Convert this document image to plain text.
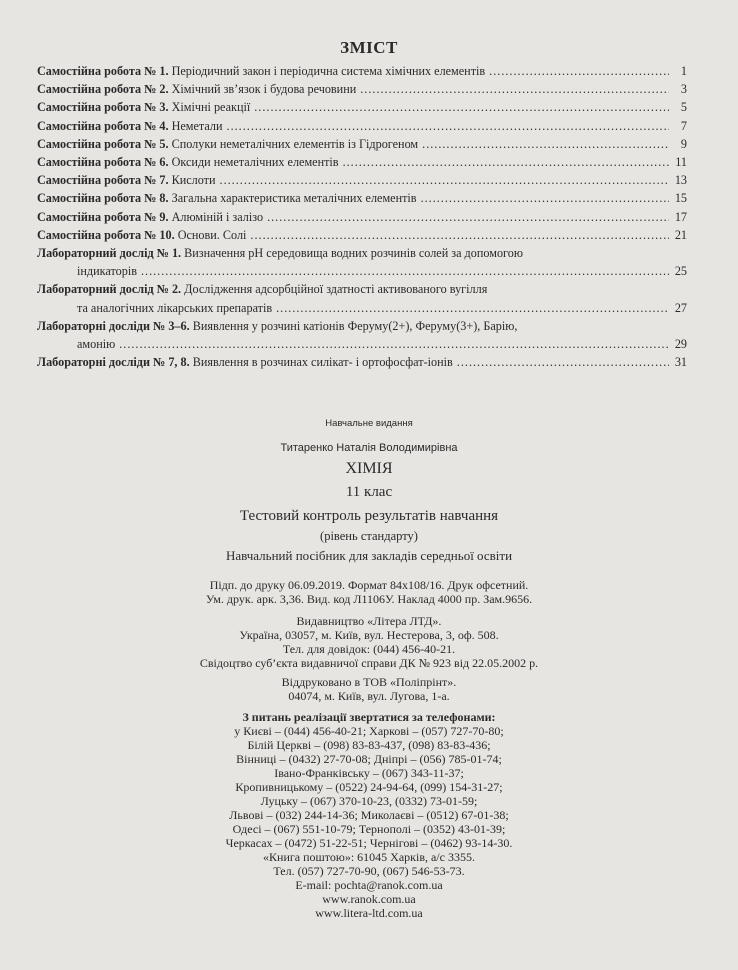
ЗМІСТ
Самостійна робота № 1. Періодичний закон і періодична система хімічних елементів .....	1
Самостійна робота № 2. Хімічний зв’язок і будова речовини .....	3
Самостійна робота № 3. Хімічні реакції .....	5
Самостійна робота № 4. Неметали .....	7
Самостійна робота № 5. Сполуки неметалічних елементів із Гідрогеном .....	9
Самостійна робота № 6. Оксиди неметалічних елементів .....	11
Самостійна робота № 7. Кислоти .....	13
Самостійна робота № 8. Загальна характеристика металічних елементів .....	15
Самостійна робота № 9. Алюміній і залізо .....	17
Самостійна робота № 10. Основи. Солі .....	21
Лабораторний дослід № 1. Визначення рН середовища водних розчинів солей за допомогою
індикаторів .....	25
Лабораторний дослід № 2. Дослідження адсорбційної здатності активованого вугілля
та аналогічних лікарських препаратів .....	27
Лабораторні досліди № 3–6. Виявлення у розчині катіонів Феруму(2+), Феруму(3+), Барію,
амонію .....	29
Лабораторні досліди № 7, 8. Виявлення в розчинах силікат- і ортофосфат-іонів .....	31
Навчальне видання
Титаренко Наталія Володимирівна
ХІМІЯ
11 клас
Тестовий контроль результатів навчання
(рівень стандарту)
Навчальний посібник для закладів середньої освіти
Підп. до друку 06.09.2019. Формат 84х108/16. Друк офсетний.
Ум. друк. арк. 3,36. Вид. код Л1106У. Наклад 4000 пр. Зам.9656.
Видавництво «Літера ЛТД».
Україна, 03057, м. Київ, вул. Нестерова, 3, оф. 508.
Тел. для довідок: (044) 456-40-21.
Свідоцтво суб’єкта видавничої справи ДК № 923 від 22.05.2002 р.
Віддруковано в ТОВ «Поліпрінт».
04074, м. Київ, вул. Лугова, 1-а.
З питань реалізації звертатися за телефонами:
у Києві – (044) 456-40-21; Харкові – (057) 727-70-80;
Білій Церкві – (098) 83-83-437, (098) 83-83-436;
Вінниці – (0432) 27-70-08; Дніпрі – (056) 785-01-74;
Івано-Франківську – (067) 343-11-37;
Кропивницькому – (0522) 24-94-64, (099) 154-31-27;
Луцьку – (067) 370-10-23, (0332) 73-01-59;
Львові – (032) 244-14-36; Миколаєві – (0512) 67-01-38;
Одесі – (067) 551-10-79; Тернополі – (0352) 43-01-39;
Черкасах – (0472) 51-22-51; Чернігові – (0462) 93-14-30.
«Книга поштою»: 61045 Харків, а/с 3355.
Тел. (057) 727-70-90, (067) 546-53-73.
E-mail: pochta@ranok.com.ua
www.ranok.com.ua
www.litera-ltd.com.ua
